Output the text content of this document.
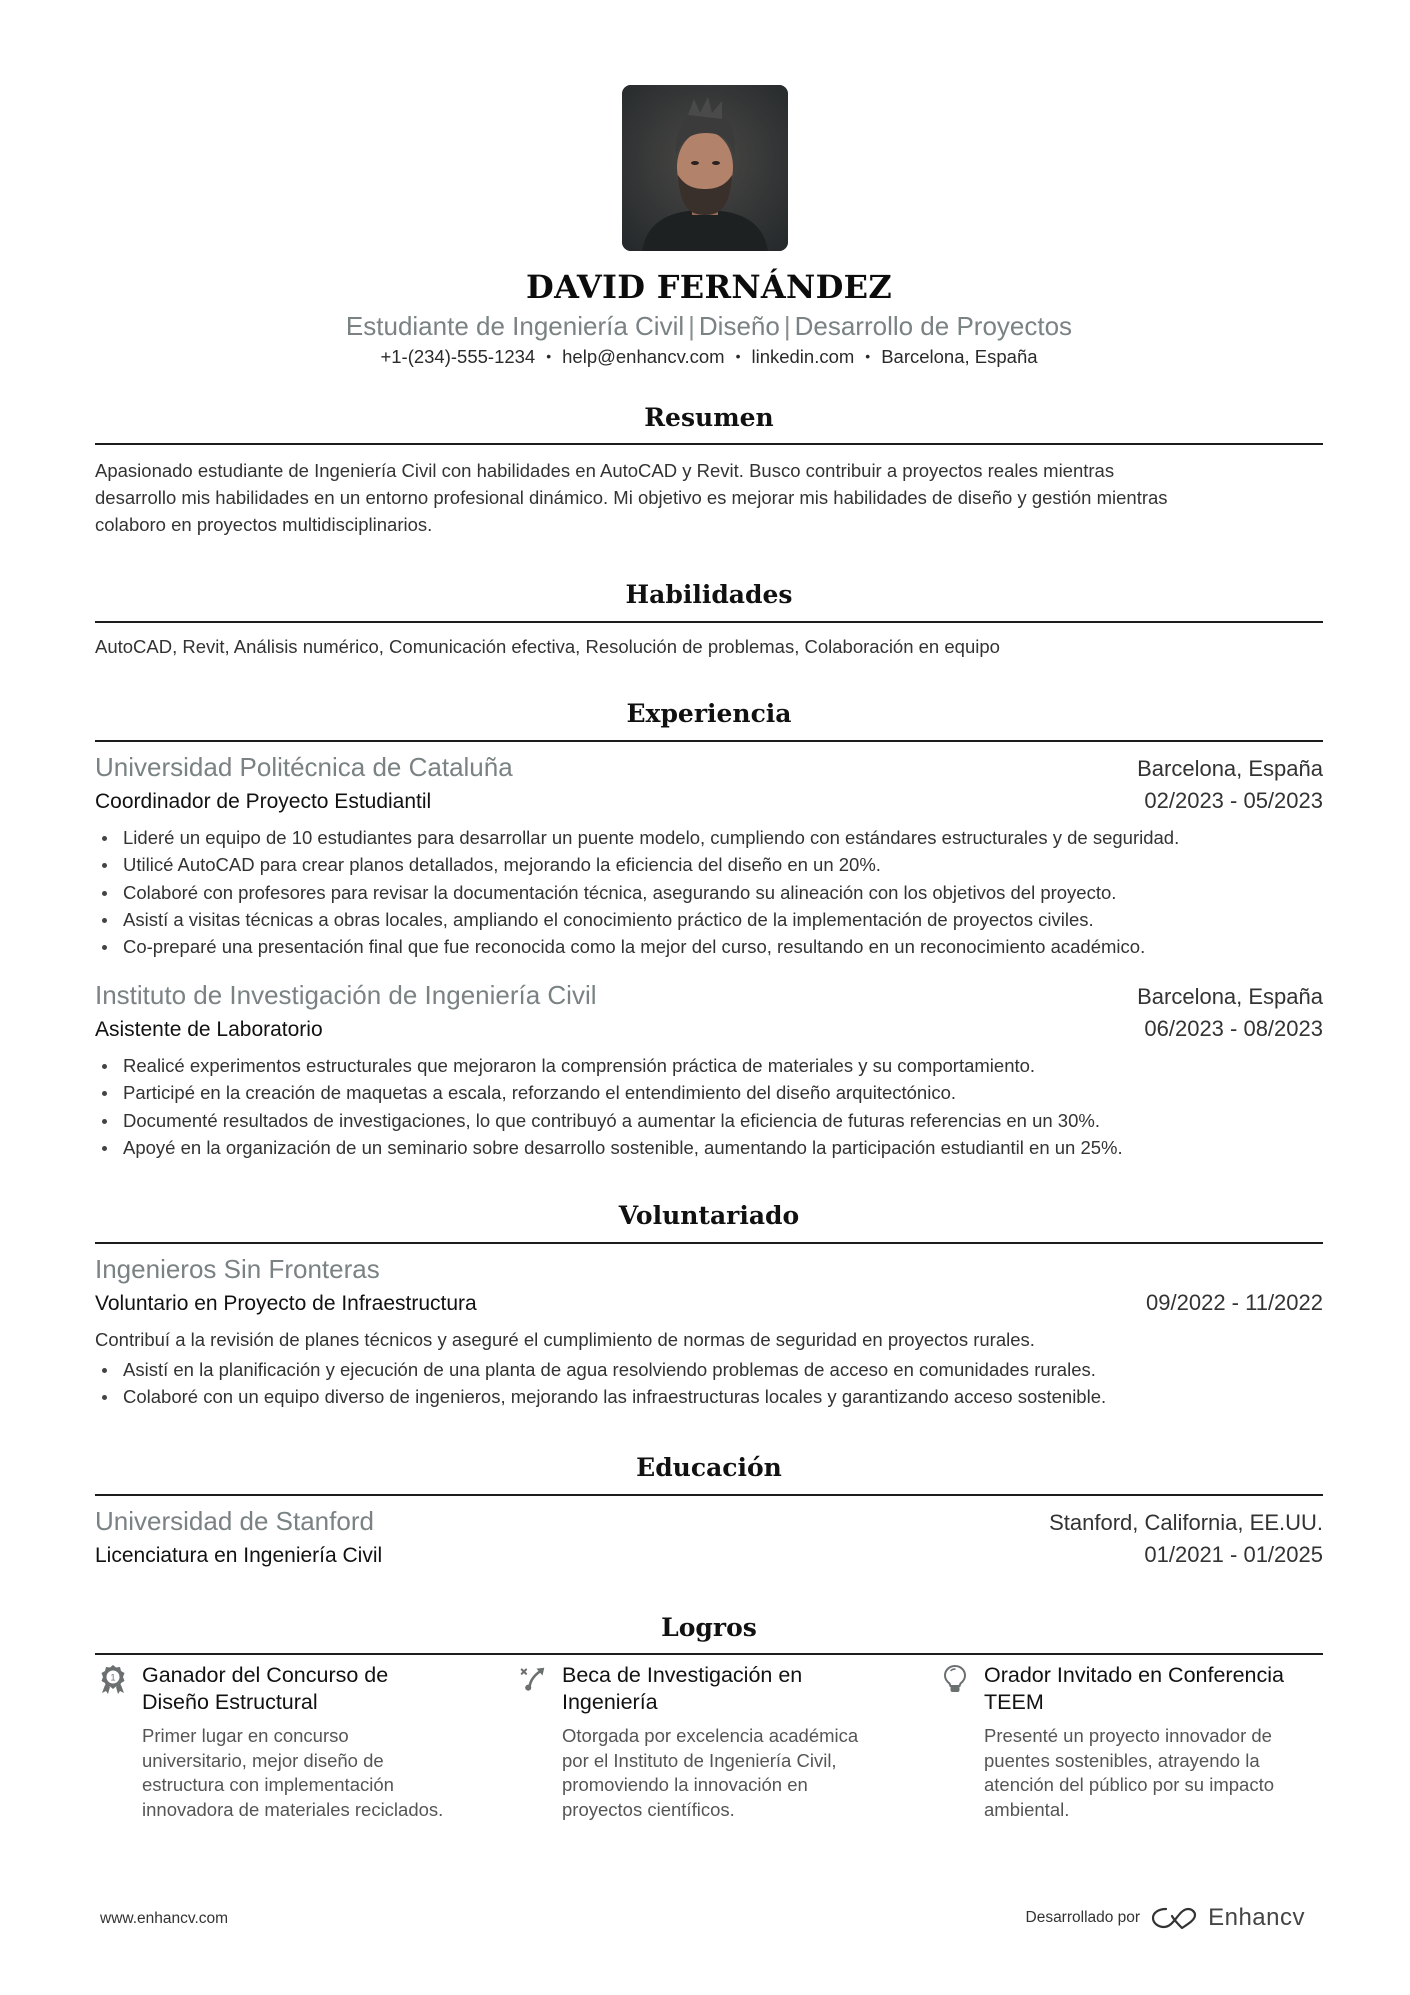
DAVID FERNÁNDEZ
Estudiante de Ingeniería Civil | Diseño | Desarrollo de Proyectos
+1-(234)-555-1234 • help@enhancv.com • linkedin.com • Barcelona, España
Resumen
Apasionado estudiante de Ingeniería Civil con habilidades en AutoCAD y Revit. Busco contribuir a proyectos reales mientras
desarrollo mis habilidades en un entorno profesional dinámico. Mi objetivo es mejorar mis habilidades de diseño y gestión mientras
colaboro en proyectos multidisciplinarios.
Habilidades
AutoCAD, Revit, Análisis numérico, Comunicación efectiva, Resolución de problemas, Colaboración en equipo
Experiencia
Universidad Politécnica de Cataluña	Barcelona, España
Coordinador de Proyecto Estudiantil	02/2023 - 05/2023
Lideré un equipo de 10 estudiantes para desarrollar un puente modelo, cumpliendo con estándares estructurales y de seguridad.
Utilicé AutoCAD para crear planos detallados, mejorando la eficiencia del diseño en un 20%.
Colaboré con profesores para revisar la documentación técnica, asegurando su alineación con los objetivos del proyecto.
Asistí a visitas técnicas a obras locales, ampliando el conocimiento práctico de la implementación de proyectos civiles.
Co-preparé una presentación final que fue reconocida como la mejor del curso, resultando en un reconocimiento académico.
Instituto de Investigación de Ingeniería Civil	Barcelona, España
Asistente de Laboratorio	06/2023 - 08/2023
Realicé experimentos estructurales que mejoraron la comprensión práctica de materiales y su comportamiento.
Participé en la creación de maquetas a escala, reforzando el entendimiento del diseño arquitectónico.
Documenté resultados de investigaciones, lo que contribuyó a aumentar la eficiencia de futuras referencias en un 30%.
Apoyé en la organización de un seminario sobre desarrollo sostenible, aumentando la participación estudiantil en un 25%.
Voluntariado
Ingenieros Sin Fronteras
Voluntario en Proyecto de Infraestructura	09/2022 - 11/2022
Contribuí a la revisión de planes técnicos y aseguré el cumplimiento de normas de seguridad en proyectos rurales.
Asistí en la planificación y ejecución de una planta de agua resolviendo problemas de acceso en comunidades rurales.
Colaboré con un equipo diverso de ingenieros, mejorando las infraestructuras locales y garantizando acceso sostenible.
Educación
Universidad de Stanford	Stanford, California, EE.UU.
Licenciatura en Ingeniería Civil	01/2021 - 01/2025
Logros
1 Ganador del Concurso de
Diseño Estructural
Primer lugar en concurso
universitario, mejor diseño de
estructura con implementación
innovadora de materiales reciclados.
Beca de Investigación en
Ingeniería
Otorgada por excelencia académica
por el Instituto de Ingeniería Civil,
promoviendo la innovación en
proyectos científicos.
Orador Invitado en Conferencia
TEEM
Presenté un proyecto innovador de
puentes sostenibles, atrayendo la
atención del público por su impacto
ambiental.
www.enhancv.com	Desarrollado por	Enhancv
